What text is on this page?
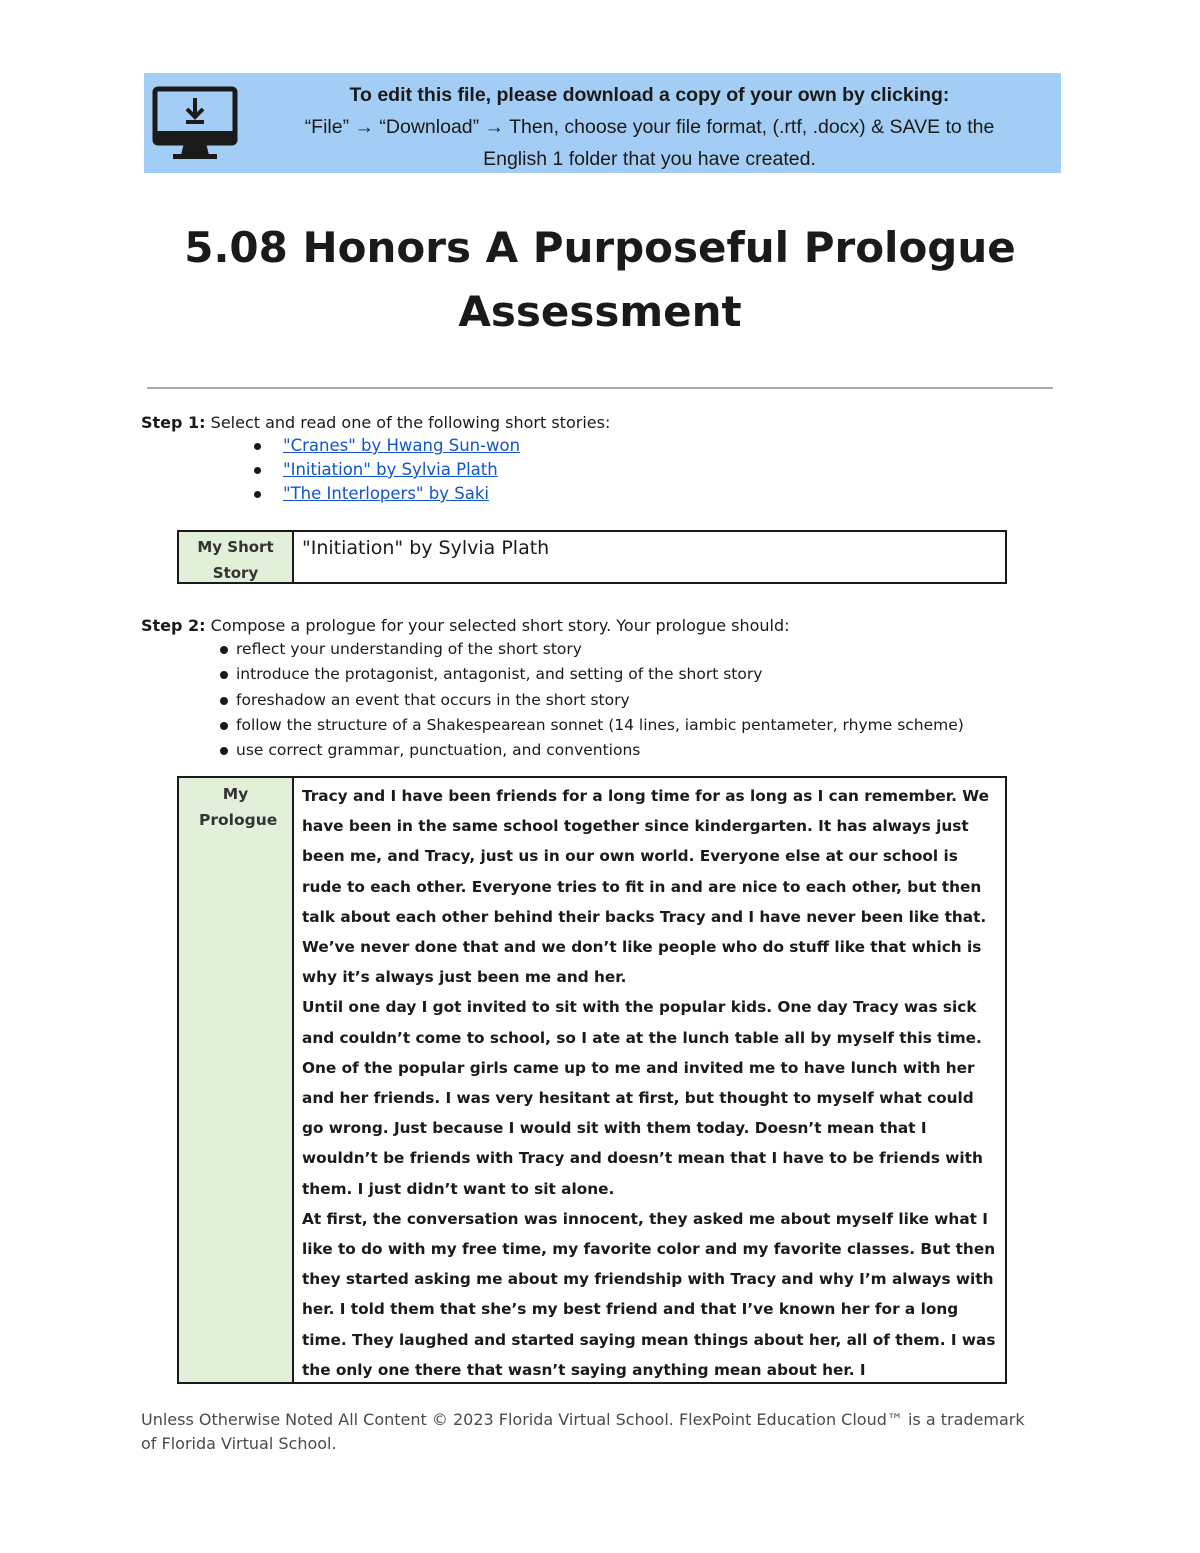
To edit this file, please download a copy of your own by clicking:
“File” → “Download” → Then, choose your file format, (.rtf, .docx) & SAVE to the
English 1 folder that you have created.
5.08 Honors A Purposeful Prologue Assessment
Step 1: Select and read one of the following short stories:
"Cranes" by Hwang Sun-won
"Initiation" by Sylvia Plath
"The Interlopers" by Saki
My Short Story
"Initiation" by Sylvia Plath
Step 2: Compose a prologue for your selected short story. Your prologue should:
reflect your understanding of the short story
introduce the protagonist, antagonist, and setting of the short story
foreshadow an event that occurs in the short story
follow the structure of a Shakespearean sonnet (14 lines, iambic pentameter, rhyme scheme)
use correct grammar, punctuation, and conventions
My Prologue

Tracy and I have been friends for a long time for as long as I can remember. We have been in the same school together since kindergarten. It has always just been me, and Tracy, just us in our own world. Everyone else at our school is rude to each other. Everyone tries to fit in and are nice to each other, but then talk about each other behind their backs Tracy and I have never been like that. We’ve never done that and we don’t like people who do stuff like that which is why it’s always just been me and her.

Until one day I got invited to sit with the popular kids. One day Tracy was sick and couldn’t come to school, so I ate at the lunch table all by myself this time. One of the popular girls came up to me and invited me to have lunch with her and her friends. I was very hesitant at first, but thought to myself what could go wrong. Just because I would sit with them today. Doesn’t mean that I wouldn’t be friends with Tracy and doesn’t mean that I have to be friends with them. I just didn’t want to sit alone.

At first, the conversation was innocent, they asked me about myself like what I like to do with my free time, my favorite color and my favorite classes. But then they started asking me about my friendship with Tracy and why I’m always with her. I told them that she’s my best friend and that I’ve known her for a long time. They laughed and started saying mean things about her, all of them. I was the only one there that wasn’t saying anything mean about her. I

Unless Otherwise Noted All Content © 2023 Florida Virtual School. FlexPoint Education Cloud™ is a trademark of Florida Virtual School.
